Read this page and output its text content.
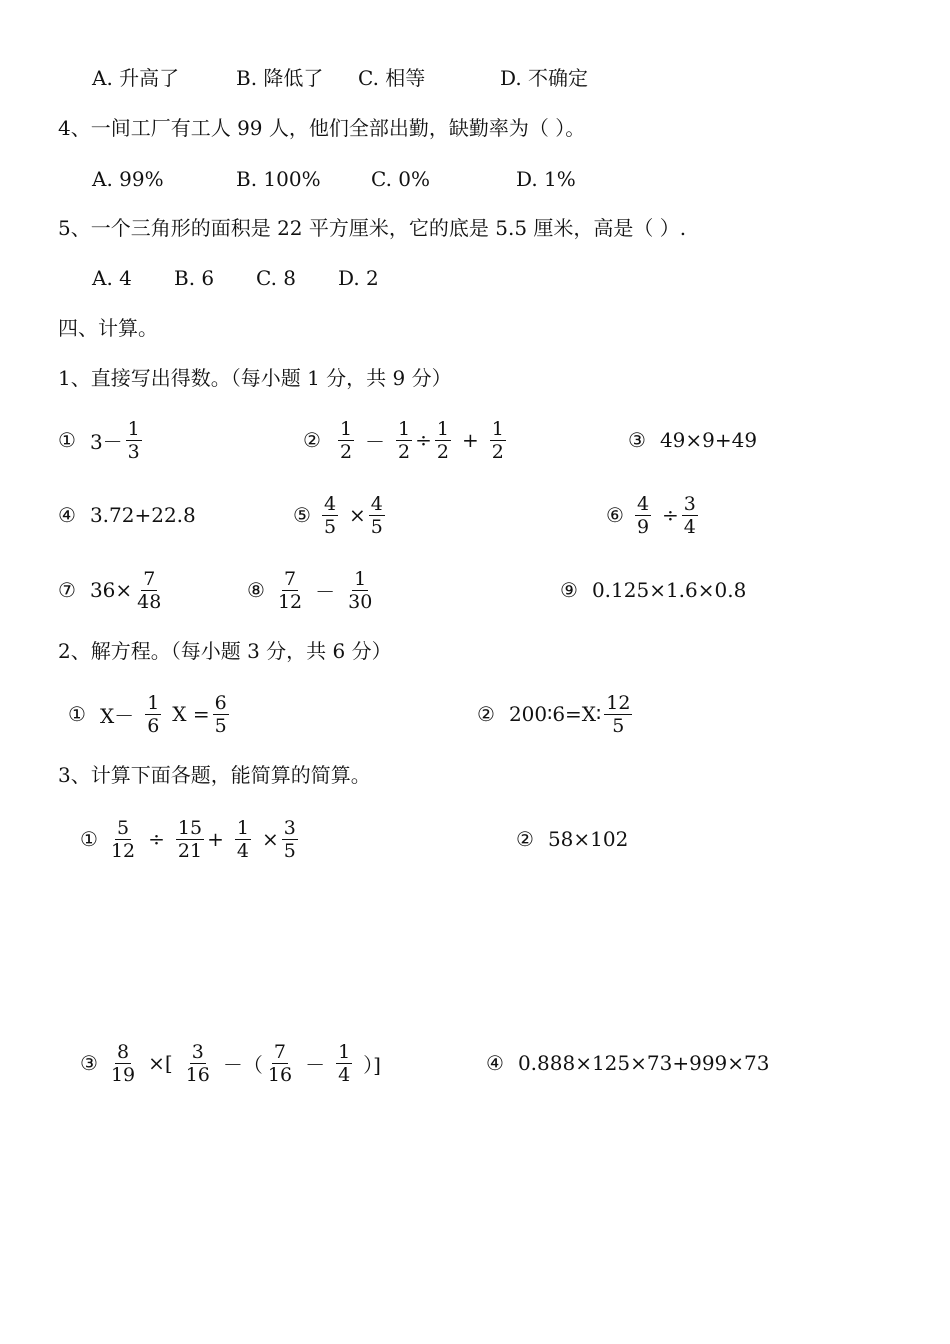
A. 升高了	B. 降低了 C. 相等	D. 不确定
4、一间工厂有工人 99 人，他们全部出勤，缺勤率为（ ）。
A. 99%	B. 100%	C. 0%	D. 1%
5、一个三角形的面积是 22 平方厘米，它的底是 5.5 厘米，高是（ ）.
A. 4 B. 6 C. 8 D. 2
四、计算。
1、直接写出得数。（每小题 1 分，共 9 分）
① $3- \frac{1}{3}$	② $\frac{1}{2} - \frac{1}{2} \div \frac{1}{2} + \frac{1}{2}$	③ 49×9+49
④ 3.72+22.8	⑤ $\frac{4}{5} \times \frac{4}{5}$	⑥ $\frac{4}{9} \div \frac{3}{4}$
⑦ $36\times \frac{7}{48}$	⑧ $\frac{7}{12} - \frac{1}{30}$	⑨ 0.125×1.6×0.8
2、解方程。（每小题 3 分，共 6 分）
① $X- \frac{1}{6}$ $X = \frac{6}{5}$	② 200∶6=X∶ $\frac{12}{5}$
3、计算下面各题，能简算的简算。
① $\frac{5}{12} \div \frac{15}{21} + \frac{1}{4} \times \frac{3}{5}$	② 58×102
③ $\frac{8}{19}$ ×[ $\frac{3}{16}$ －（ $\frac{7}{16} - \frac{1}{4}$ ）]	④ 0.888×125×73+999×73
